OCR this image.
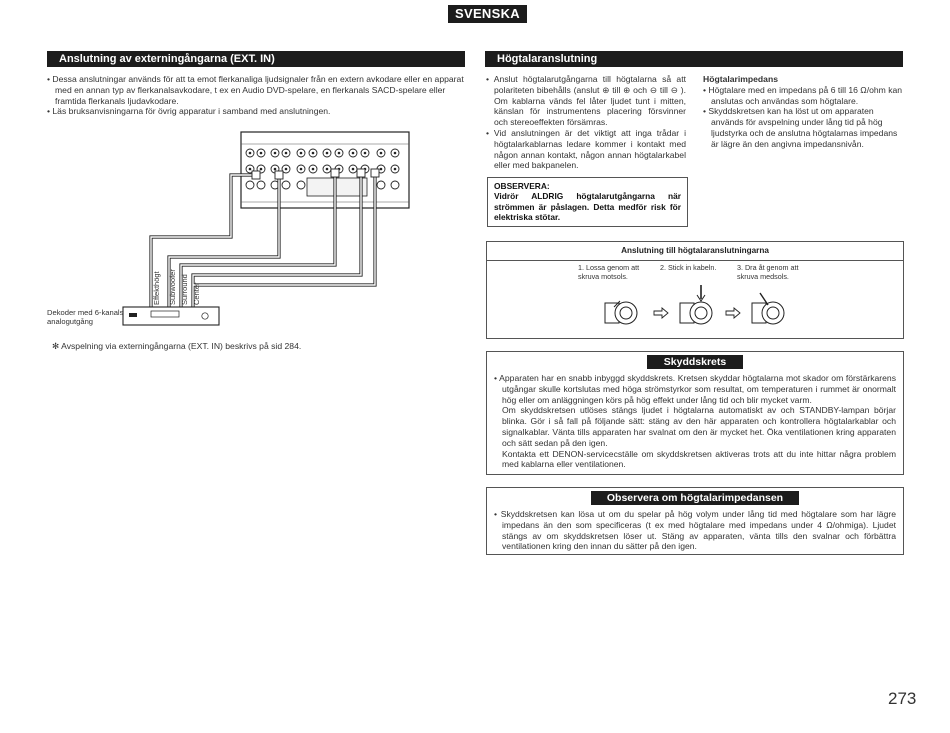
SVENSKA
Anslutning av externingångarna (EXT. IN)

• Dessa anslutningar används för att ta emot flerkanaliga ljudsignaler från en extern avkodare eller en apparat med en annan typ av flerkanalsavkodare, t ex en Audio DVD-spelare, en flerkanals SACD-spelare eller framtida flerkanals ljudavkodare.

• Läs bruksanvisningarna för övrig apparatur i samband med anslutningen.

Effekthögt Subwoofer Surround Center
Dekoder med 6-kanals analogutgång
✻ Avspelning via externingångarna (EXT. IN) beskrivs på sid 284.
Högtalaranslutning

• Anslut högtalarutgångarna till högtalarna så att polariteten bibehålls (anslut ⊕ till ⊕ och ⊖ till ⊖ ). Om kablarna vänds fel låter ljudet tunt i mitten, känslan för instrumentens placering försvinner och stereoeffekten försämras.

• Vid anslutningen är det viktigt att inga trådar i högtalarkablarnas ledare kommer i kontakt med någon annan kontakt, någon annan högtalarkabel eller med bakpanelen.

Högtalarimpedans

• Högtalare med en impedans på 6 till 16 Ω/ohm kan anslutas och användas som högtalare.

• Skyddskretsen kan ha löst ut om apparaten används för avspelning under lång tid på hög ljudstyrka och de anslutna högtalarnas impedans är lägre än den angivna impedansnivån.

OBSERVERA:
Vidrör ALDRIG högtalarutgångarna när strömmen är påslagen. Detta medför risk för elektriska stötar.
Anslutning till högtalaranslutningarna
1. Lossa genom att skruva motsols.
2. Stick in kabeln.	3. Dra åt genom att skruva medsols.
Skyddskrets

• Apparaten har en snabb inbyggd skyddskrets. Kretsen skyddar högtalarna mot skador om förstärkarens utgångar skulle kortslutas med höga strömstyrkor som resultat, om temperaturen i rummet är onormalt hög eller om anläggningen körs på hög effekt under lång tid och blir mycket varm.

Om skyddskretsen utlöses stängs ljudet i högtalarna automatiskt av och STANDBY-lampan börjar blinka. Gör i så fall på följande sätt: stäng av den här apparaten och kontrollera högtalarkablar och signalkablar. Vänta tills apparaten har svalnat om den är mycket het. Öka ventilationen kring apparaten och sätt sedan på den igen.

Kontakta ett DENON-servicecställe om skyddskretsen aktiveras trots att du inte hittar några problem med kablarna eller ventilationen.

Observera om högtalarimpedansen

• Skyddskretsen kan lösa ut om du spelar på hög volym under lång tid med högtalare som har lägre impedans än den som specificeras (t ex med högtalare med impedans under 4 Ω/ohmiga). Ljudet stängs av om skyddskretsen löser ut. Stäng av apparaten, vänta tills den svalnar och förbättra ventilationen kring den innan du sätter på den igen.

273
